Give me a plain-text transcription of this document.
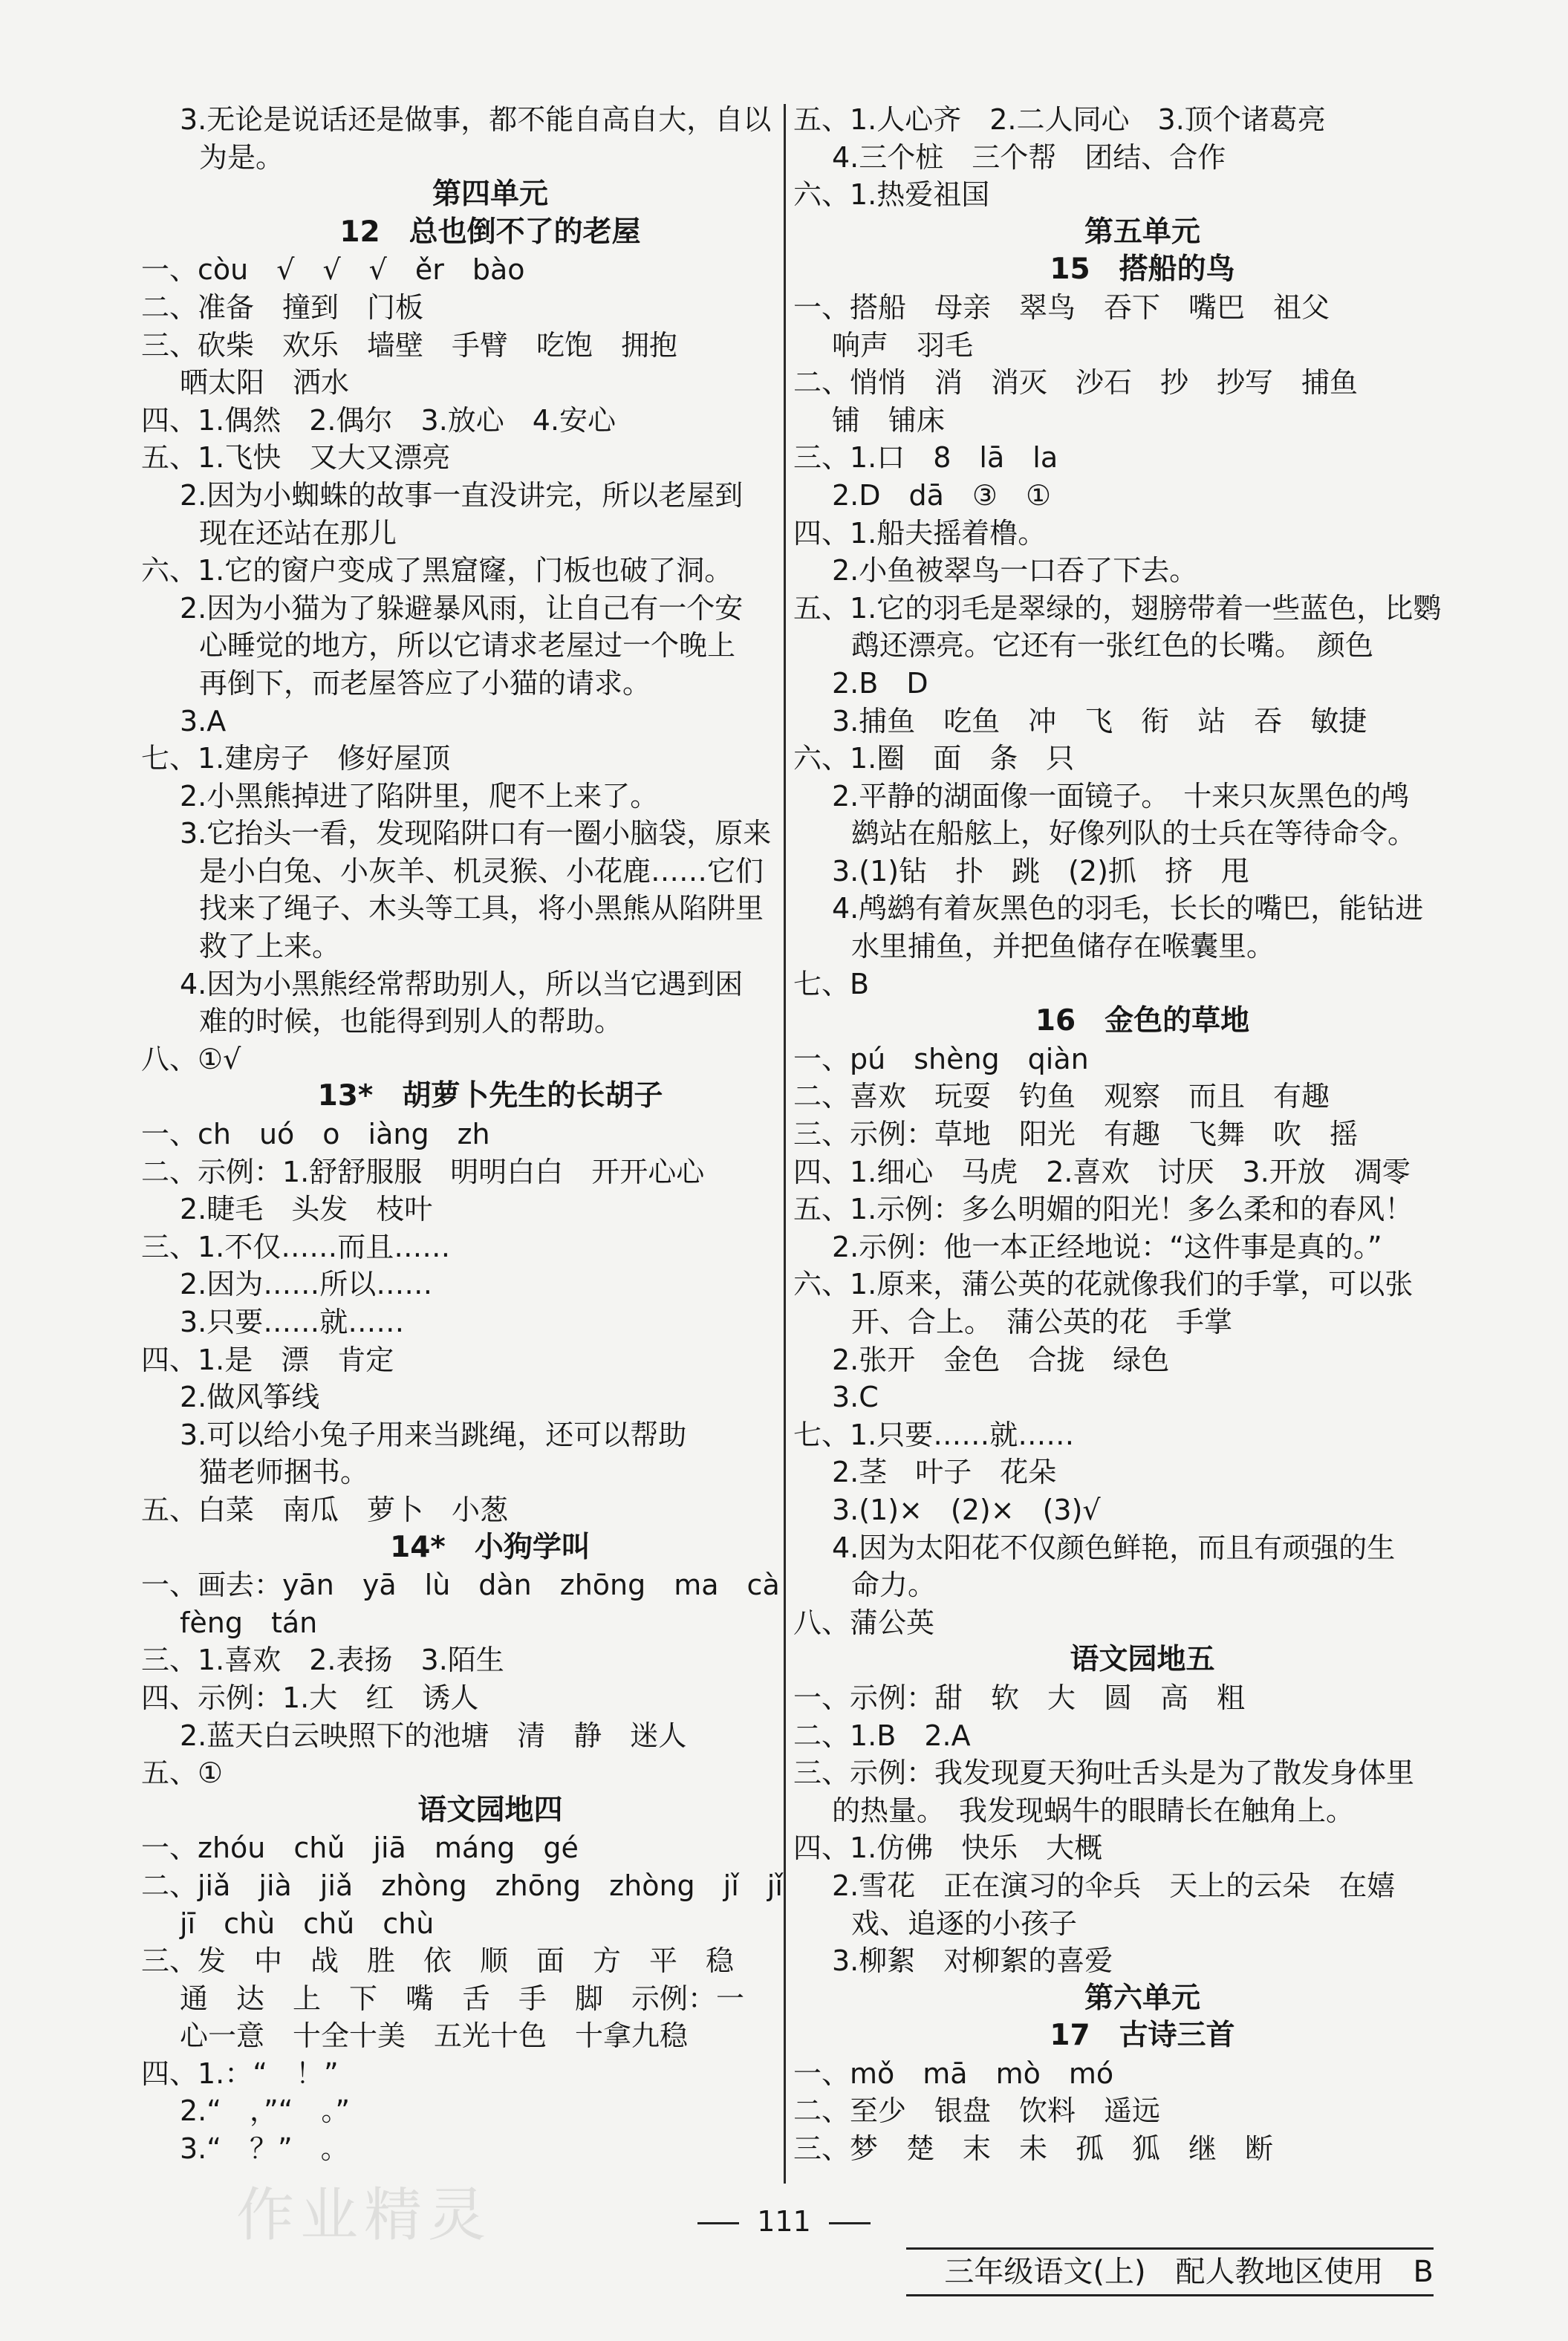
3.无论是说话还是做事，都不能自高自大，自以
为是。
第四单元
12　总也倒不了的老屋
一、còu　√　√　√　ěr　bào
二、准备　撞到　门板
三、砍柴　欢乐　墙壁　手臂　吃饱　拥抱
晒太阳　洒水
四、1.偶然　2.偶尔　3.放心　4.安心
五、1.飞快　又大又漂亮
2.因为小蜘蛛的故事一直没讲完，所以老屋到
现在还站在那儿
六、1.它的窗户变成了黑窟窿，门板也破了洞。
2.因为小猫为了躲避暴风雨，让自己有一个安
心睡觉的地方，所以它请求老屋过一个晚上
再倒下，而老屋答应了小猫的请求。
3.A
七、1.建房子　修好屋顶
2.小黑熊掉进了陷阱里，爬不上来了。
3.它抬头一看，发现陷阱口有一圈小脑袋，原来
是小白兔、小灰羊、机灵猴、小花鹿……它们
找来了绳子、木头等工具，将小黑熊从陷阱里
救了上来。
4.因为小黑熊经常帮助别人，所以当它遇到困
难的时候，也能得到别人的帮助。
八、①√
13*　胡萝卜先生的长胡子
一、ch　uó　o　iàng　zh
二、示例：1.舒舒服服　明明白白　开开心心
2.睫毛　头发　枝叶
三、1.不仅……而且……
2.因为……所以……
3.只要……就……
四、1.是　漂　肯定
2.做风筝线
3.可以给小兔子用来当跳绳，还可以帮助
猫老师捆书。
五、白菜　南瓜　萝卜　小葱
14*　小狗学叫
一、画去：yān　yā　lù　dàn　zhōng　ma　cà
fèng　tán
三、1.喜欢　2.表扬　3.陌生
四、示例：1.大　红　诱人
2.蓝天白云映照下的池塘　清　静　迷人
五、①
语文园地四
一、zhóu　chǔ　jiā　máng　gé
二、jiǎ　jià　jiǎ　zhòng　zhōng　zhòng　jǐ　jǐ
jī　chù　chǔ　chù
三、发　中　战　胜　依　顺　面　方　平　稳
通　达　上　下　嘴　舌　手　脚　示例：一
心一意　十全十美　五光十色　十拿九稳
四、1.：“　！”
2.“　，”“　。”
3.“　？”　。
五、1.人心齐　2.二人同心　3.顶个诸葛亮
4.三个桩　三个帮　团结、合作
六、1.热爱祖国
第五单元
15　搭船的鸟
一、搭船　母亲　翠鸟　吞下　嘴巴　祖父
响声　羽毛
二、悄悄　消　消灭　沙石　抄　抄写　捕鱼
铺　铺床
三、1.口　8　lā　la
2.D　dā　③　①
四、1.船夫摇着橹。
2.小鱼被翠鸟一口吞了下去。
五、1.它的羽毛是翠绿的，翅膀带着一些蓝色，比鹦
鹉还漂亮。它还有一张红色的长嘴。　颜色
2.B　D
3.捕鱼　吃鱼　冲　飞　衔　站　吞　敏捷
六、1.圈　面　条　只
2.平静的湖面像一面镜子。　十来只灰黑色的鸬
鹚站在船舷上，好像列队的士兵在等待命令。
3.(1)钻　扑　跳　(2)抓　挤　甩
4.鸬鹚有着灰黑色的羽毛，长长的嘴巴，能钻进
水里捕鱼，并把鱼储存在喉囊里。
七、B
16　金色的草地
一、pú　shèng　qiàn
二、喜欢　玩耍　钓鱼　观察　而且　有趣
三、示例：草地　阳光　有趣　飞舞　吹　摇
四、1.细心　马虎　2.喜欢　讨厌　3.开放　凋零
五、1.示例：多么明媚的阳光！多么柔和的春风！
2.示例：他一本正经地说：“这件事是真的。”
六、1.原来，蒲公英的花就像我们的手掌，可以张
开、合上。　蒲公英的花　手掌
2.张开　金色　合拢　绿色
3.C
七、1.只要……就……
2.茎　叶子　花朵
3.(1)×　(2)×　(3)√
4.因为太阳花不仅颜色鲜艳，而且有顽强的生
命力。
八、蒲公英
语文园地五
一、示例：甜　软　大　圆　高　粗
二、1.B　2.A
三、示例：我发现夏天狗吐舌头是为了散发身体里
的热量。　我发现蜗牛的眼睛长在触角上。
四、1.仿佛　快乐　大概
2.雪花　正在演习的伞兵　天上的云朵　在嬉
戏、追逐的小孩子
3.柳絮　对柳絮的喜爱
第六单元
17　古诗三首
一、mǒ　mā　mò　mó
二、至少　银盘　饮料　遥远
三、梦　楚　末　未　孤　狐　继　断
111
三年级语文(上)　配人教地区使用　B
作业精灵
